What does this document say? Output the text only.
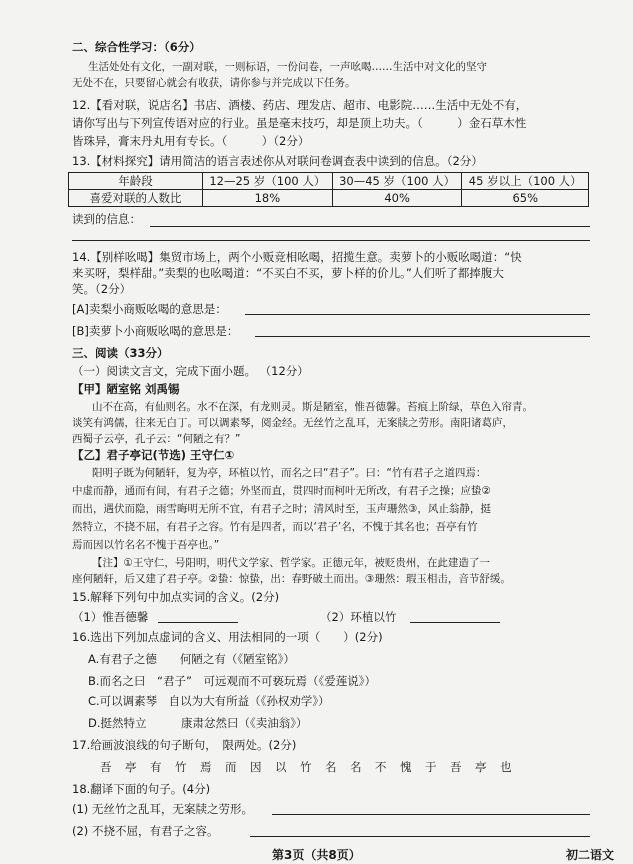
二、综合性学习：（6分）
生活处处有文化，一副对联，一则标语，一份问卷，一声吆喝……生活中对文化的坚守
无处不在，只要留心就会有收获，请你参与并完成以下任务。
12.【看对联，说店名】书店、酒楼、药店、理发店、超市、电影院……生活中无处不有，
请你写出与下列宣传语对应的行业。虽是毫末技巧，却是顶上功夫。（　　　）金石草木性
皆珠异，膏末丹丸用有专长。（　　　）（2分）
13.【材料探究】请用简洁的语言表述你从对联问卷调查表中读到的信息。（2分）
年龄段	12—25 岁（100 人）	30—45 岁（100 人）	45 岁以上（100 人）
喜爱对联的人数比	18%	40%	65%
读到的信息：
14.【别样吆喝】集贸市场上，两个小贩竞相吆喝，招揽生意。卖萝卜的小贩吆喝道：“快
来买呀，梨样甜。”卖梨的也吆喝道：“不买白不买，萝卜样的价儿。”人们听了都捧腹大
笑。（2分）
[A]卖梨小商贩吆喝的意思是：
[B]卖萝卜小商贩吆喝的意思是：
三、阅读（33分）
（一）阅读文言文，完成下面小题。 （12分）
【甲】陋室铭 刘禹锡
山不在高，有仙则名。水不在深，有龙则灵。斯是陋室，惟吾德馨。苔痕上阶绿，草色入帘青。
谈笑有鸿儒，往来无白丁。可以调素琴，阅金经。无丝竹之乱耳，无案牍之劳形。南阳诸葛庐，
西蜀子云亭，孔子云：“何陋之有？”
【乙】君子亭记(节选) 王守仁①
阳明子既为何陋轩，复为亭，环植以竹，而名之曰“君子”。曰：“竹有君子之道四焉：
中虚而静，通而有间，有君子之德；外坚而直，贯四时而柯叶无所改，有君子之操；应蛰②
而出，遇伏而隐，雨雪晦明无所不宜，有君子之时；清风时至，玉声珊然③，风止翁静，挺
然特立，不挠不屈，有君子之容。竹有是四者，而以‘君子’名，不愧于其名也；吾亭有竹
焉而因以竹名名不愧于吾亭也。”
【注】①王守仁，号阳明，明代文学家、哲学家。正德元年，被贬贵州，在此建造了一
座何陋轩，后又建了君子亭。②蛰：惊蛰，出：春野破土而出。③珊然：瑕玉相击，音节舒缓。
15.解释下列句中加点实词的含义。(2分)
（1）惟吾德馨	（2）环植以竹
16.选出下列加点虚词的含义、用法相同的一项（　　）(2分)
A.有君子之德　　何陋之有（《陋室铭》）
B.而名之曰　“君子”　可远观而不可亵玩焉（《爱莲说》）
C.可以调素琴　自以为大有所益（《孙权劝学》）
D.挺然特立　　　康肃忿然曰（《卖油翁》）
17.给画波浪线的句子断句，　限两处。(2分)
吾 亭 有 竹 焉 而 因 以 竹 名 名 不 愧 于 吾 亭 也
18.翻译下面的句子。(4分)
(1) 无丝竹之乱耳，无案牍之劳形。
(2) 不挠不屈，有君子之容。
第3页（共8页）	初二语文
